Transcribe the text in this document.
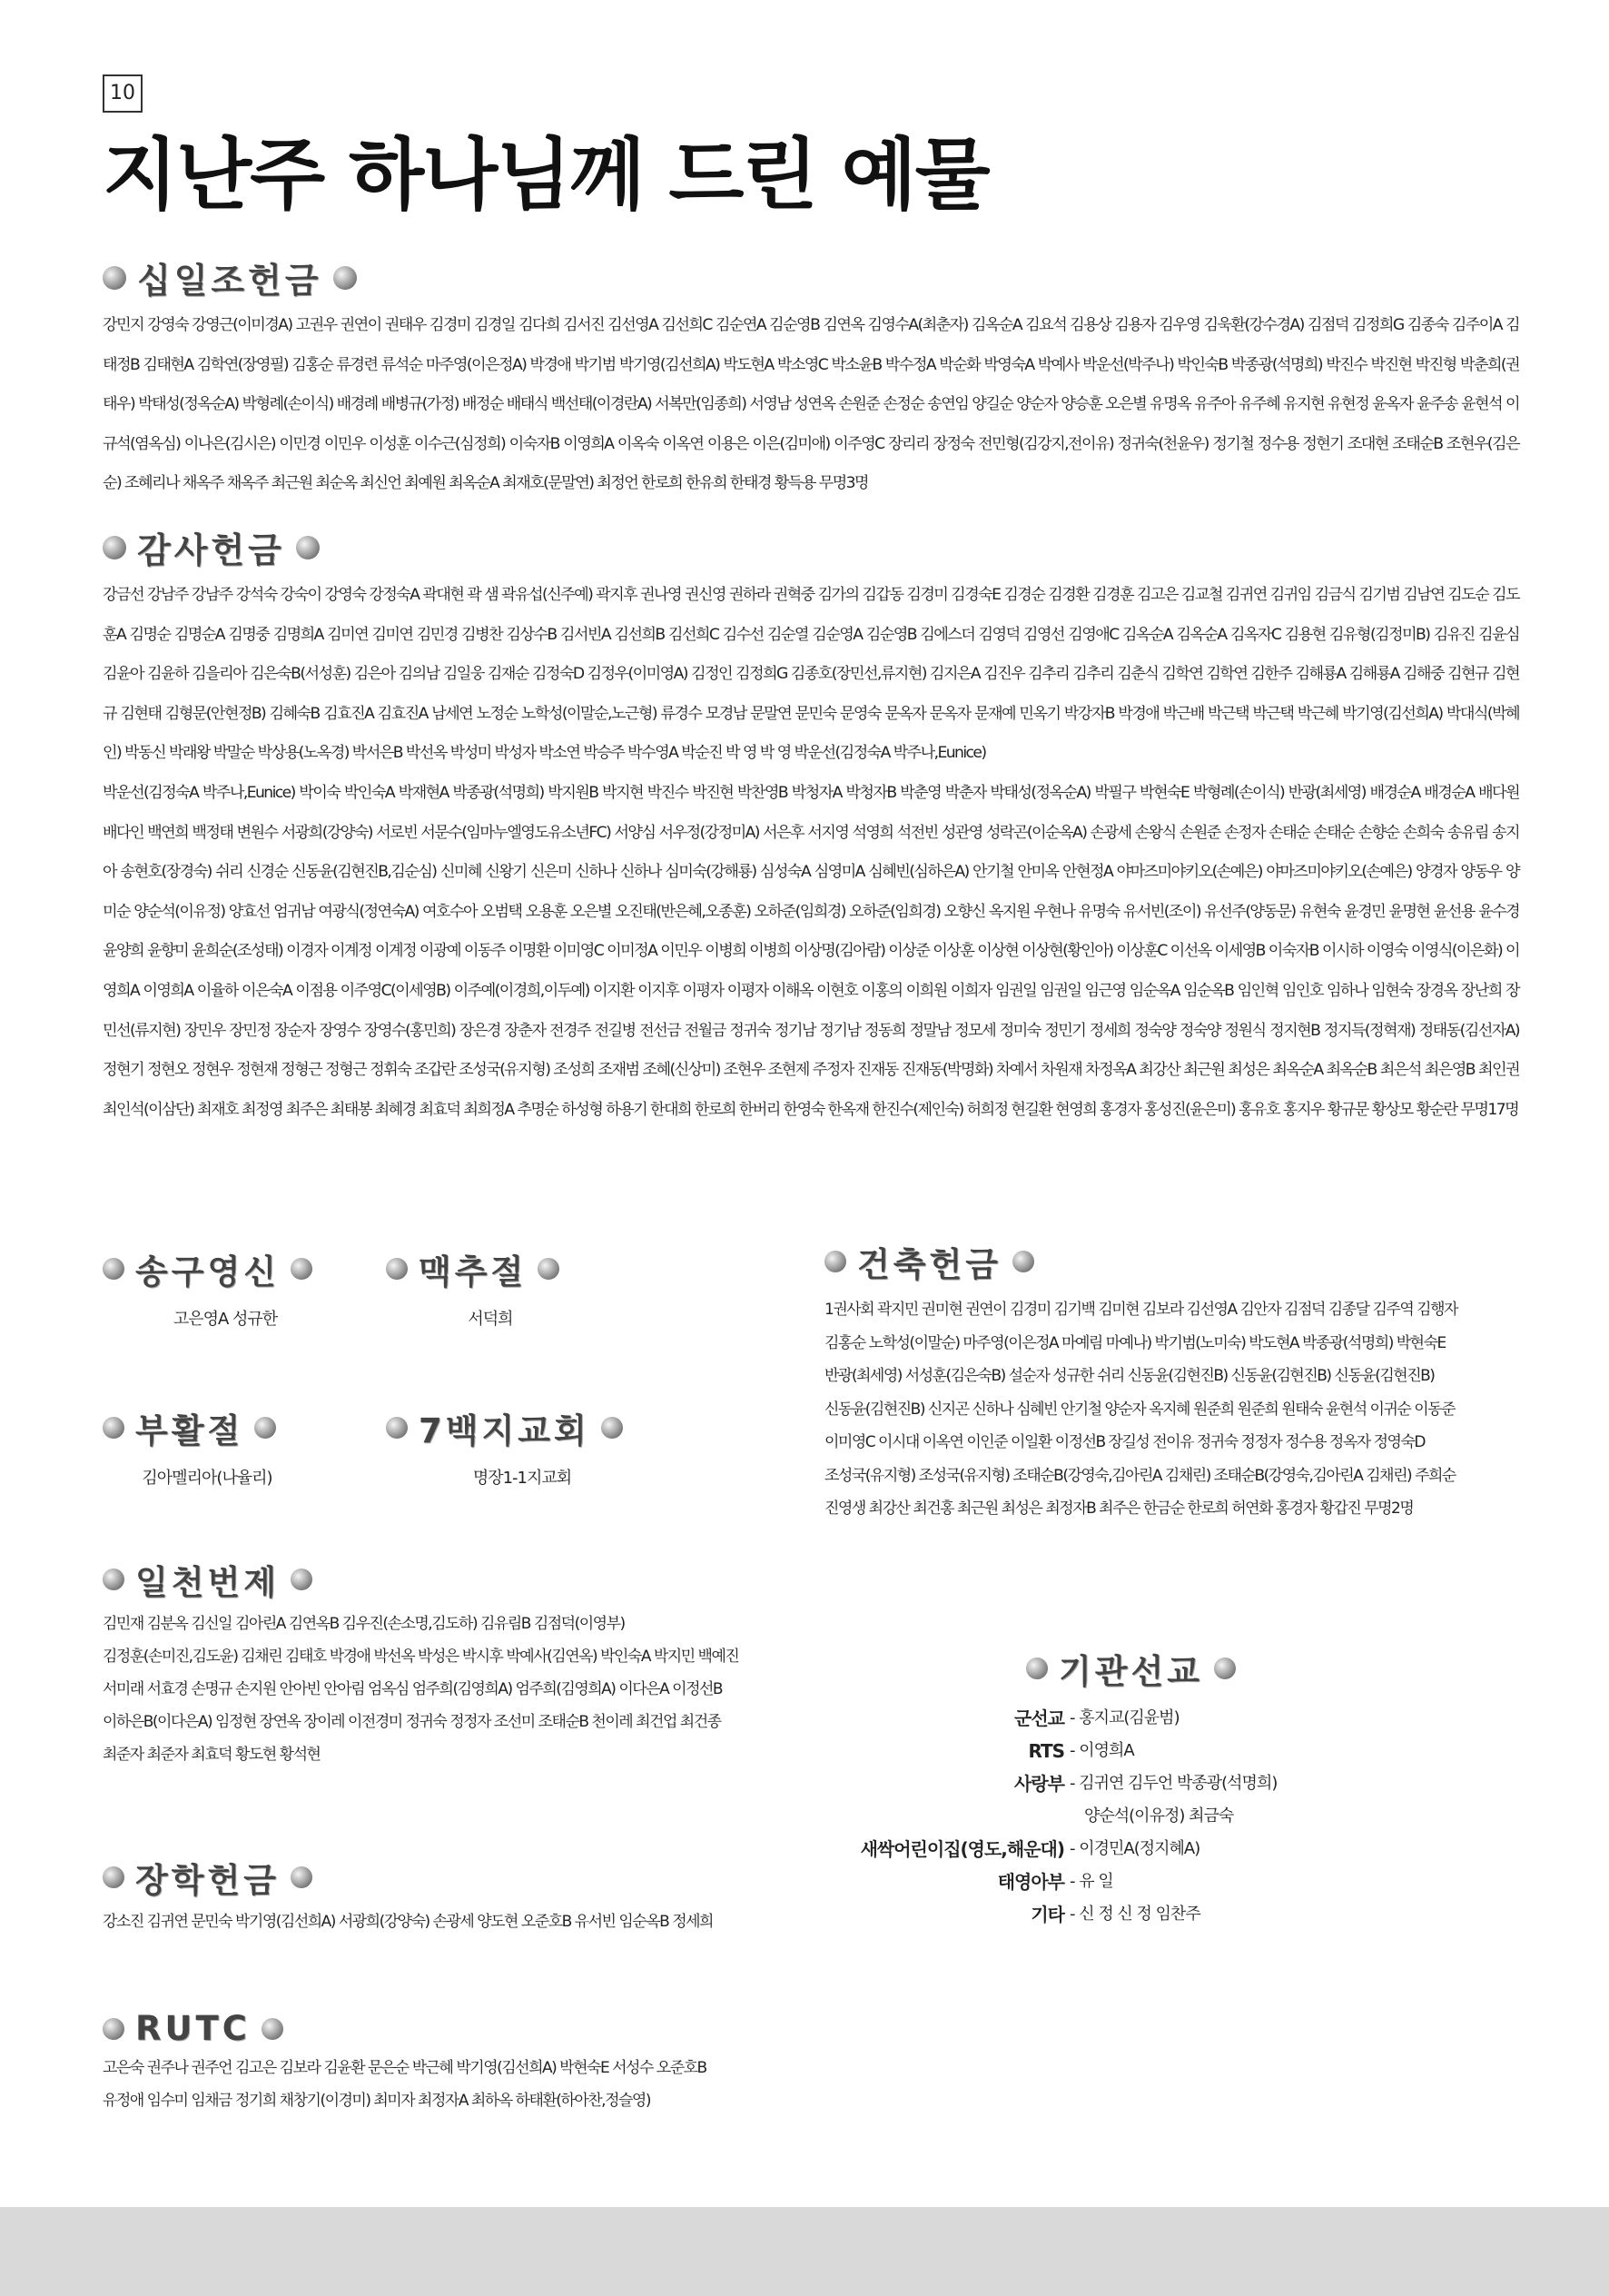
10
지난주 하나님께 드린 예물
십일조헌금
강민지 강영숙 강영근(이미경A) 고권우 권연이 권태우 김경미 김경일 김다희 김서진 김선영A 김선희C 김순연A 김순영B 김연옥 김영수A(최춘자) 김옥순A 김요석 김용상 김용자 김우영 김욱환(강수경A) 김점덕 김정희G 김종숙 김주이A 김태정B 김태현A 김학연(장영필) 김홍순 류경련 류석순 마주영(이은정A) 박경애 박기범 박기영(김선희A) 박도현A 박소영C 박소윤B 박수정A 박순화 박영숙A 박예사 박운선(박주나) 박인숙B 박종광(석명희) 박진수 박진현 박진형 박춘희(권태우) 박태성(정옥순A) 박형례(손이식) 배경례 배병규(가정) 배정순 배태식 백선태(이경란A) 서복만(임종희) 서영남 성연옥 손원준 손정순 송연임 양길순 양순자 양승훈 오은별 유명옥 유주아 유주혜 유지현 유현정 윤옥자 윤주송 윤현석 이규석(염옥심) 이나은(김시은) 이민경 이민우 이성훈 이수근(심정희) 이숙자B 이영희A 이옥숙 이옥연 이용은 이은(김미애) 이주영C 장리리 장정숙 전민형(김강지,전이유) 정귀숙(천윤우) 정기철 정수용 정현기 조대현 조태순B 조현우(김은순) 조혜리나 채옥주 채옥주 최근원 최순옥 최신언 최예원 최옥순A 최재호(문말연) 최정언 한로희 한유희 한태경 황득용 무명3명
감사헌금
강금선 강남주 강남주 강석숙 강숙이 강영숙 강정숙A 곽대현 곽 샘 곽유섭(신주예) 곽지후 권나영 권신영 권하라 권혁중 김가의 김갑동 김경미 김경숙E 김경순 김경환 김경훈 김고은 김교철 김귀연 김귀임 김금식 김기범 김남연 김도순 김도훈A 김명순 김명순A 김명중 김명희A 김미연 김미연 김민경 김병찬 김상수B 김서빈A 김선희B 김선희C 김수선 김순열 김순영A 김순영B 김에스더 김영덕 김영선 김영애C 김옥순A 김옥순A 김옥자C 김용현 김유형(김정미B) 김유진 김윤심 김윤아 김윤하 김을리아 김은숙B(서성훈) 김은아 김의남 김일웅 김재순 김정숙D 김정우(이미영A) 김정인 김정희G 김종호(장민선,류지현) 김지은A 김진우 김추리 김추리 김춘식 김학연 김학연 김한주 김해룡A 김해룡A 김해중 김현규 김현규 김현태 김형문(안현정B) 김혜숙B 김효진A 김효진A 남세연 노정순 노학성(이말순,노근형) 류경수 모경남 문말연 문민숙 문영숙 문옥자 문옥자 문재예 민옥기 박강자B 박경애 박근배 박근택 박근택 박근혜 박기영(김선희A) 박대식(박혜인) 박동신 박래왕 박말순 박상용(노옥경) 박서은B 박선옥 박성미 박성자 박소연 박승주 박수영A 박순진 박 영 박 영 박운선(김정숙A 박주나,Eunice)
박운선(김정숙A 박주나,Eunice) 박이숙 박인숙A 박재현A 박종광(석명희) 박지원B 박지현 박진수 박진현 박찬영B 박청자A 박청자B 박춘영 박춘자 박태성(정옥순A) 박필구 박현숙E 박형례(손이식) 반광(최세영) 배경순A 배경순A 배다원 배다인 백연희 백정태 변원수 서광희(강양숙) 서로빈 서문수(임마누엘영도유소년FC) 서양심 서우정(강정미A) 서은후 서지영 석영희 석전빈 성관영 성락곤(이순옥A) 손광세 손왕식 손원준 손정자 손태순 손태순 손향순 손희숙 송유림 송지아 송현호(장경숙) 쉬리 신경순 신동윤(김현진B,김순심) 신미혜 신왕기 신은미 신하나 신하나 심미숙(강해룡) 심성숙A 심영미A 심혜빈(심하은A) 안기철 안미옥 안현정A 야마즈미야키오(손예은) 야마즈미야키오(손예은) 양경자 양동우 양미순 양순석(이유정) 양효선 엄귀남 여광식(정연숙A) 여호수아 오범택 오용훈 오은별 오진태(반은혜,오종훈) 오하준(임희경) 오하준(임희경) 오향신 옥지원 우현나 유명숙 유서빈(조이) 유선주(양동문) 유현숙 윤경민 윤명현 윤선용 윤수경 윤양희 윤향미 윤희순(조성태) 이경자 이계정 이계정 이광예 이동주 이명환 이미영C 이미정A 이민우 이병희 이병희 이상명(김아람) 이상준 이상훈 이상현 이상현(황인아) 이상훈C 이선옥 이세영B 이숙자B 이시하 이영숙 이영식(이은화) 이영희A 이영희A 이율하 이은숙A 이점용 이주영C(이세영B) 이주예(이경희,이두예) 이지환 이지후 이평자 이평자 이해옥 이현호 이홍의 이희원 이희자 임권일 임권일 임근영 임순옥A 임순옥B 임인혁 임인호 임하나 임현숙 장경옥 장난희 장민선(류지현) 장민우 장민정 장순자 장영수 장영수(홍민희) 장은경 장춘자 전경주 전길병 전선금 전월금 정귀숙 정기남 정기남 정동희 정말남 정모세 정미숙 정민기 정세희 정숙양 정숙양 정원식 정지현B 정지득(정혁재) 정태동(김선자A) 정현기 정현오 정현우 정현재 정형근 정형근 정휘숙 조갑란 조성국(유지형) 조성희 조재범 조혜(신상미) 조현우 조현제 주정자 진재동 진재동(박명화) 차예서 차원재 차정옥A 최강산 최근원 최성은 최옥순A 최옥순B 최은석 최은영B 최인권 최인석(이삼단) 최재호 최정영 최주은 최태봉 최혜경 최효덕 최희정A 추명순 하성형 하용기 한대희 한로희 한버리 한영숙 한옥재 한진수(제인숙) 허희정 현길환 현영희 홍경자 홍성진(윤은미) 홍유호 홍지우 황규문 황상모 황순란 무명17명
송구영신
고은영A 성규한
맥추절
서덕희
부활절
김아멜리아(나율리)
7백지교회
명장1-1지교회
일천번제
김민재 김분옥 김신일 김아린A 김연옥B 김우진(손소명,김도하) 김유림B 김점덕(이영부)
김정훈(손미진,김도윤) 김채린 김태호 박경애 박선옥 박성은 박시후 박예사(김연옥) 박인숙A 박지민 백예진
서미래 서효경 손명규 손지원 안아빈 안아림 엄옥심 엄주희(김영희A) 엄주희(김영희A) 이다은A 이정선B
이하은B(이다은A) 임정현 장연옥 장이레 이전경미 정귀숙 정정자 조선미 조태순B 천이레 최건업 최건종
최준자 최준자 최효덕 황도현 황석현
장학헌금
강소진 김귀연 문민숙 박기영(김선희A) 서광희(강양숙) 손광세 양도현 오준호B 유서빈 임순옥B 정세희
RUTC
고은숙 권주나 권주언 김고은 김보라 김윤환 문은순 박근혜 박기영(김선희A) 박현숙E 서성수 오준호B
유정애 임수미 임채금 정기희 채창기(이경미) 최미자 최정자A 최하옥 하태환(하아찬,정슬영)
건축헌금
1권사회 곽지민 권미현 권연이 김경미 김기백 김미현 김보라 김선영A 김안자 김점덕 김종달 김주역 김행자
김홍순 노학성(이말순) 마주영(이은정A 마예림 마예나) 박기범(노미숙) 박도현A 박종광(석명희) 박현숙E
반광(최세영) 서성훈(김은숙B) 설순자 성규한 쉬리 신동윤(김현진B) 신동윤(김현진B) 신동윤(김현진B)
신동윤(김현진B) 신지곤 신하나 심혜빈 안기철 양순자 옥지혜 원준희 원준희 원태숙 윤현석 이귀순 이동준
이미영C 이시대 이옥연 이인준 이일환 이정선B 장길성 전이유 정귀숙 정정자 정수용 정옥자 정영숙D
조성국(유지형) 조성국(유지형) 조태순B(강영숙,김아린A 김채린) 조태순B(강영숙,김아린A 김채린) 주희순
진영생 최강산 최건홍 최근원 최성은 최정자B 최주은 한금순 한로희 허연화 홍경자 황갑진 무명2명
기관선교
군선교 - 홍지교(김윤범)
RTS - 이영희A
사랑부 - 김귀연 김두언 박종광(석명희)
양순석(이유정) 최금숙
새싹어린이집(영도,해운대) - 이경민A(정지혜A)
태영아부 - 유 일
기타 - 신 정 신 정 임찬주
